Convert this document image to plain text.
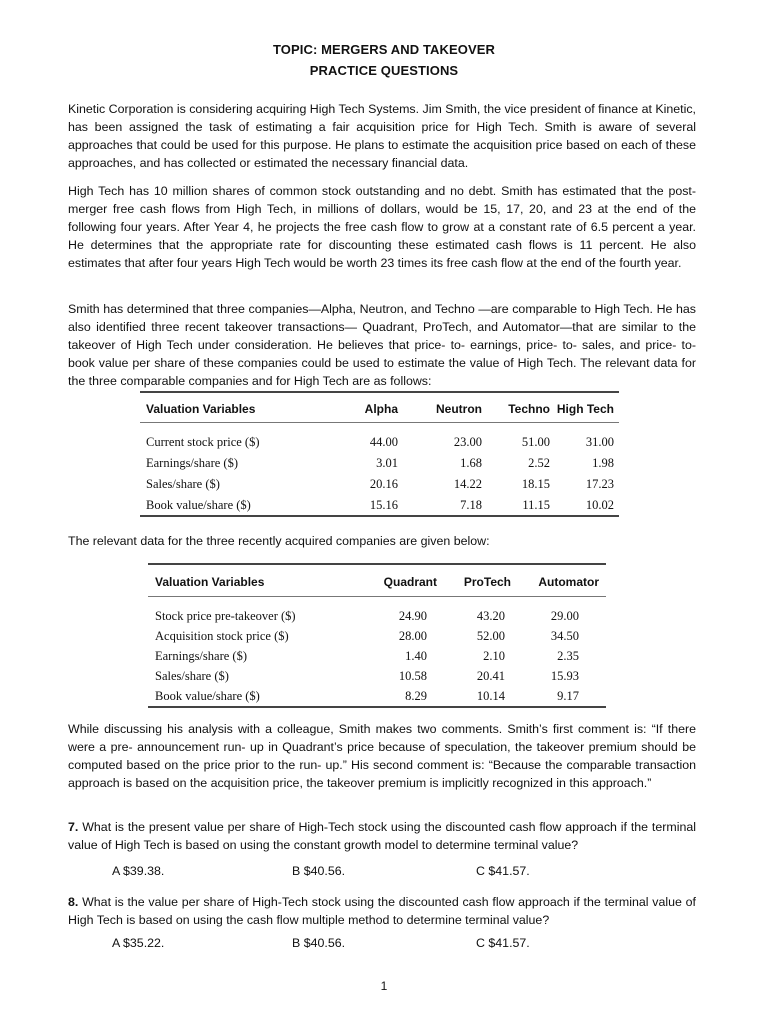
TOPIC: MERGERS AND TAKEOVER
PRACTICE QUESTIONS

Kinetic Corporation is considering acquiring High Tech Systems. Jim Smith, the vice president of finance at Kinetic, has been assigned the task of estimating a fair acquisition price for High Tech. Smith is aware of several approaches that could be used for this purpose. He plans to estimate the acquisition price based on each of these approaches, and has collected or estimated the necessary financial data.

High Tech has 10 million shares of common stock outstanding and no debt. Smith has estimated that the post-merger free cash flows from High Tech, in millions of dollars, would be 15, 17, 20, and 23 at the end of the following four years. After Year 4, he projects the free cash flow to grow at a constant rate of 6.5 percent a year. He determines that the appropriate rate for discounting these estimated cash flows is 11 percent. He also estimates that after four years High Tech would be worth 23 times its free cash flow at the end of the fourth year.

Smith has determined that three companies—Alpha, Neutron, and Techno —are comparable to High Tech. He has also identified three recent takeover transactions— Quadrant, ProTech, and Automator—that are similar to the takeover of High Tech under consideration. He believes that price- to- earnings, price- to- sales, and price- to- book value per share of these companies could be used to estimate the value of High Tech. The relevant data for the three comparable companies and for High Tech are as follows:

Valuation Variables	Alpha	Neutron	Techno	High Tech

Current stock price ($)	44.00	23.00	51.00	31.00
Earnings/share ($)	3.01	1.68	2.52	1.98
Sales/share ($)	20.16	14.22	18.15	17.23
Book value/share ($)	15.16	7.18	11.15	10.02
The relevant data for the three recently acquired companies are given below:
Valuation Variables	Quadrant	ProTech	Automator

Stock price pre-takeover ($)	24.90	43.20	29.00
Acquisition stock price ($)	28.00	52.00	34.50
Earnings/share ($)	1.40	2.10	2.35
Sales/share ($)	10.58	20.41	15.93
Book value/share ($)	8.29	10.14	9.17

While discussing his analysis with a colleague, Smith makes two comments. Smith’s first comment is: “If there were a pre- announcement run- up in Quadrant’s price because of speculation, the takeover premium should be computed based on the price prior to the run- up.” His second comment is: “Because the comparable transaction approach is based on the acquisition price, the takeover premium is implicitly recognized in this approach.”

7. What is the present value per share of High-Tech stock using the discounted cash flow approach if the terminal value of High Tech is based on using the constant growth model to determine terminal value?
A $39.38.	B $40.56.	C $41.57.
8. What is the value per share of High-Tech stock using the discounted cash flow approach if the terminal value of High Tech is based on using the cash flow multiple method to determine terminal value?
A $35.22.	B $40.56.	C $41.57.
1
